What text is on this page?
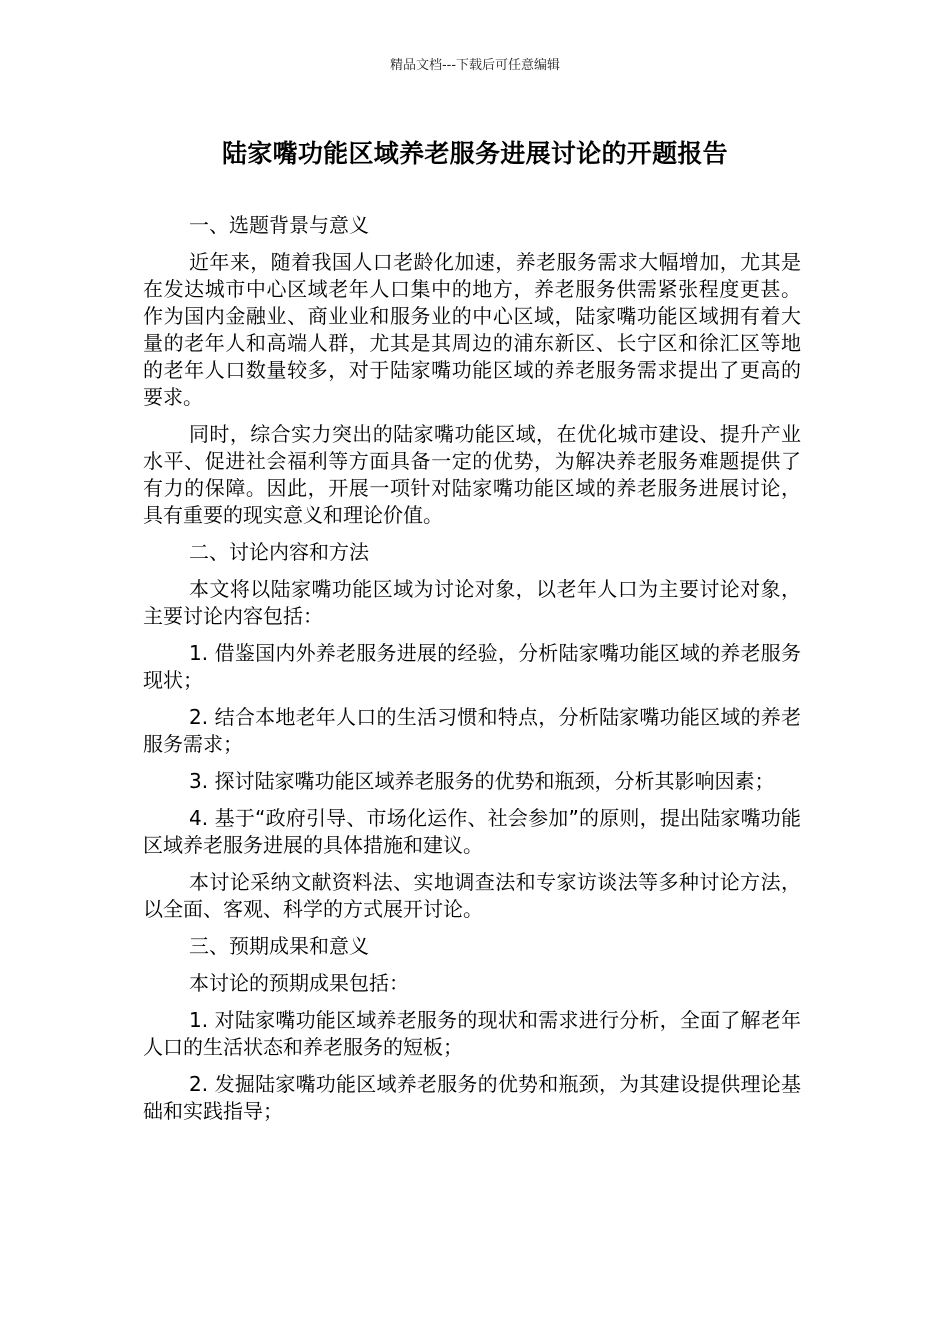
精品文档---下载后可任意编辑
陆家嘴功能区域养老服务进展讨论的开题报告

一、选题背景与意义

近年来，随着我国人口老龄化加速，养老服务需求大幅增加，尤其是在发达城市中心区域老年人口集中的地方，养老服务供需紧张程度更甚。作为国内金融业、商业业和服务业的中心区域，陆家嘴功能区域拥有着大量的老年人和高端人群，尤其是其周边的浦东新区、长宁区和徐汇区等地的老年人口数量较多，对于陆家嘴功能区域的养老服务需求提出了更高的要求。

同时，综合实力突出的陆家嘴功能区域，在优化城市建设、提升产业水平、促进社会福利等方面具备一定的优势，为解决养老服务难题提供了有力的保障。因此，开展一项针对陆家嘴功能区域的养老服务进展讨论，具有重要的现实意义和理论价值。

二、讨论内容和方法

本文将以陆家嘴功能区域为讨论对象，以老年人口为主要讨论对象，主要讨论内容包括：

1. 借鉴国内外养老服务进展的经验，分析陆家嘴功能区域的养老服务现状；

2. 结合本地老年人口的生活习惯和特点，分析陆家嘴功能区域的养老服务需求；

3. 探讨陆家嘴功能区域养老服务的优势和瓶颈，分析其影响因素；

4. 基于“政府引导、市场化运作、社会参加”的原则，提出陆家嘴功能区域养老服务进展的具体措施和建议。

本讨论采纳文献资料法、实地调查法和专家访谈法等多种讨论方法，以全面、客观、科学的方式展开讨论。

三、预期成果和意义

本讨论的预期成果包括：

1. 对陆家嘴功能区域养老服务的现状和需求进行分析，全面了解老年人口的生活状态和养老服务的短板；

2. 发掘陆家嘴功能区域养老服务的优势和瓶颈，为其建设提供理论基础和实践指导；
